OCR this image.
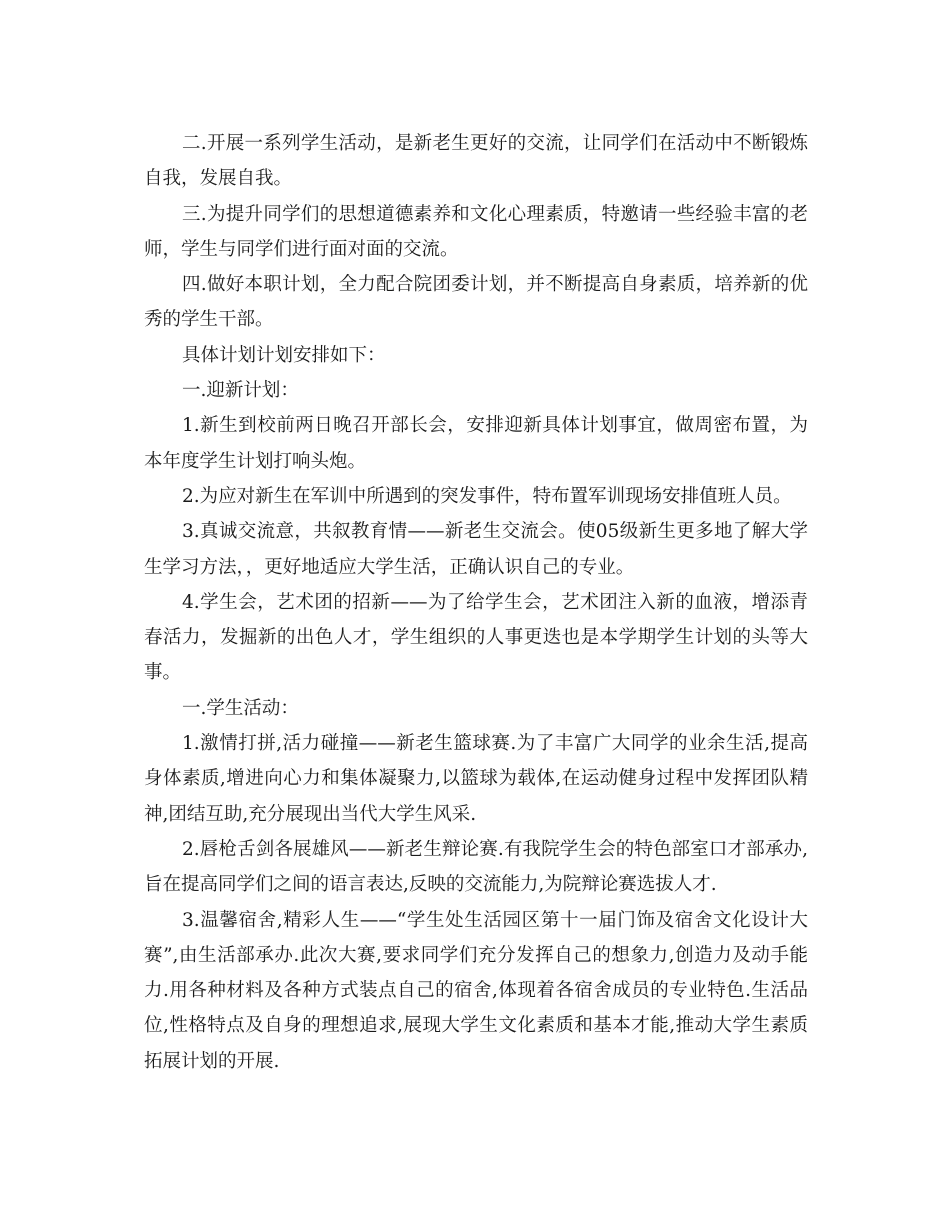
二.开展一系列学生活动，是新老生更好的交流，让同学们在活动中不断锻炼自我，发展自我。

三.为提升同学们的思想道德素养和文化心理素质，特邀请一些经验丰富的老师，学生与同学们进行面对面的交流。

四.做好本职计划，全力配合院团委计划，并不断提高自身素质，培养新的优秀的学生干部。

具体计划计划安排如下：

一.迎新计划：

1.新生到校前两日晚召开部长会，安排迎新具体计划事宜，做周密布置，为本年度学生计划打响头炮。

2.为应对新生在军训中所遇到的突发事件，特布置军训现场安排值班人员。

3.真诚交流意，共叙教育情——新老生交流会。使05级新生更多地了解大学生学习方法，，更好地适应大学生活，正确认识自己的专业。

4.学生会，艺术团的招新——为了给学生会，艺术团注入新的血液，增添青春活力，发掘新的出色人才，学生组织的人事更迭也是本学期学生计划的头等大事。

一.学生活动：

1.激情打拼,活力碰撞——新老生篮球赛.为了丰富广大同学的业余生活,提高身体素质,增进向心力和集体凝聚力,以篮球为载体,在运动健身过程中发挥团队精神,团结互助,充分展现出当代大学生风采.

2.唇枪舌剑各展雄风——新老生辩论赛.有我院学生会的特色部室口才部承办,旨在提高同学们之间的语言表达,反映的交流能力,为院辩论赛选拔人才.

3.温馨宿舍,精彩人生——“学生处生活园区第十一届门饰及宿舍文化设计大赛”,由生活部承办.此次大赛,要求同学们充分发挥自己的想象力,创造力及动手能力.用各种材料及各种方式装点自己的宿舍,体现着各宿舍成员的专业特色.生活品位,性格特点及自身的理想追求,展现大学生文化素质和基本才能,推动大学生素质拓展计划的开展.
